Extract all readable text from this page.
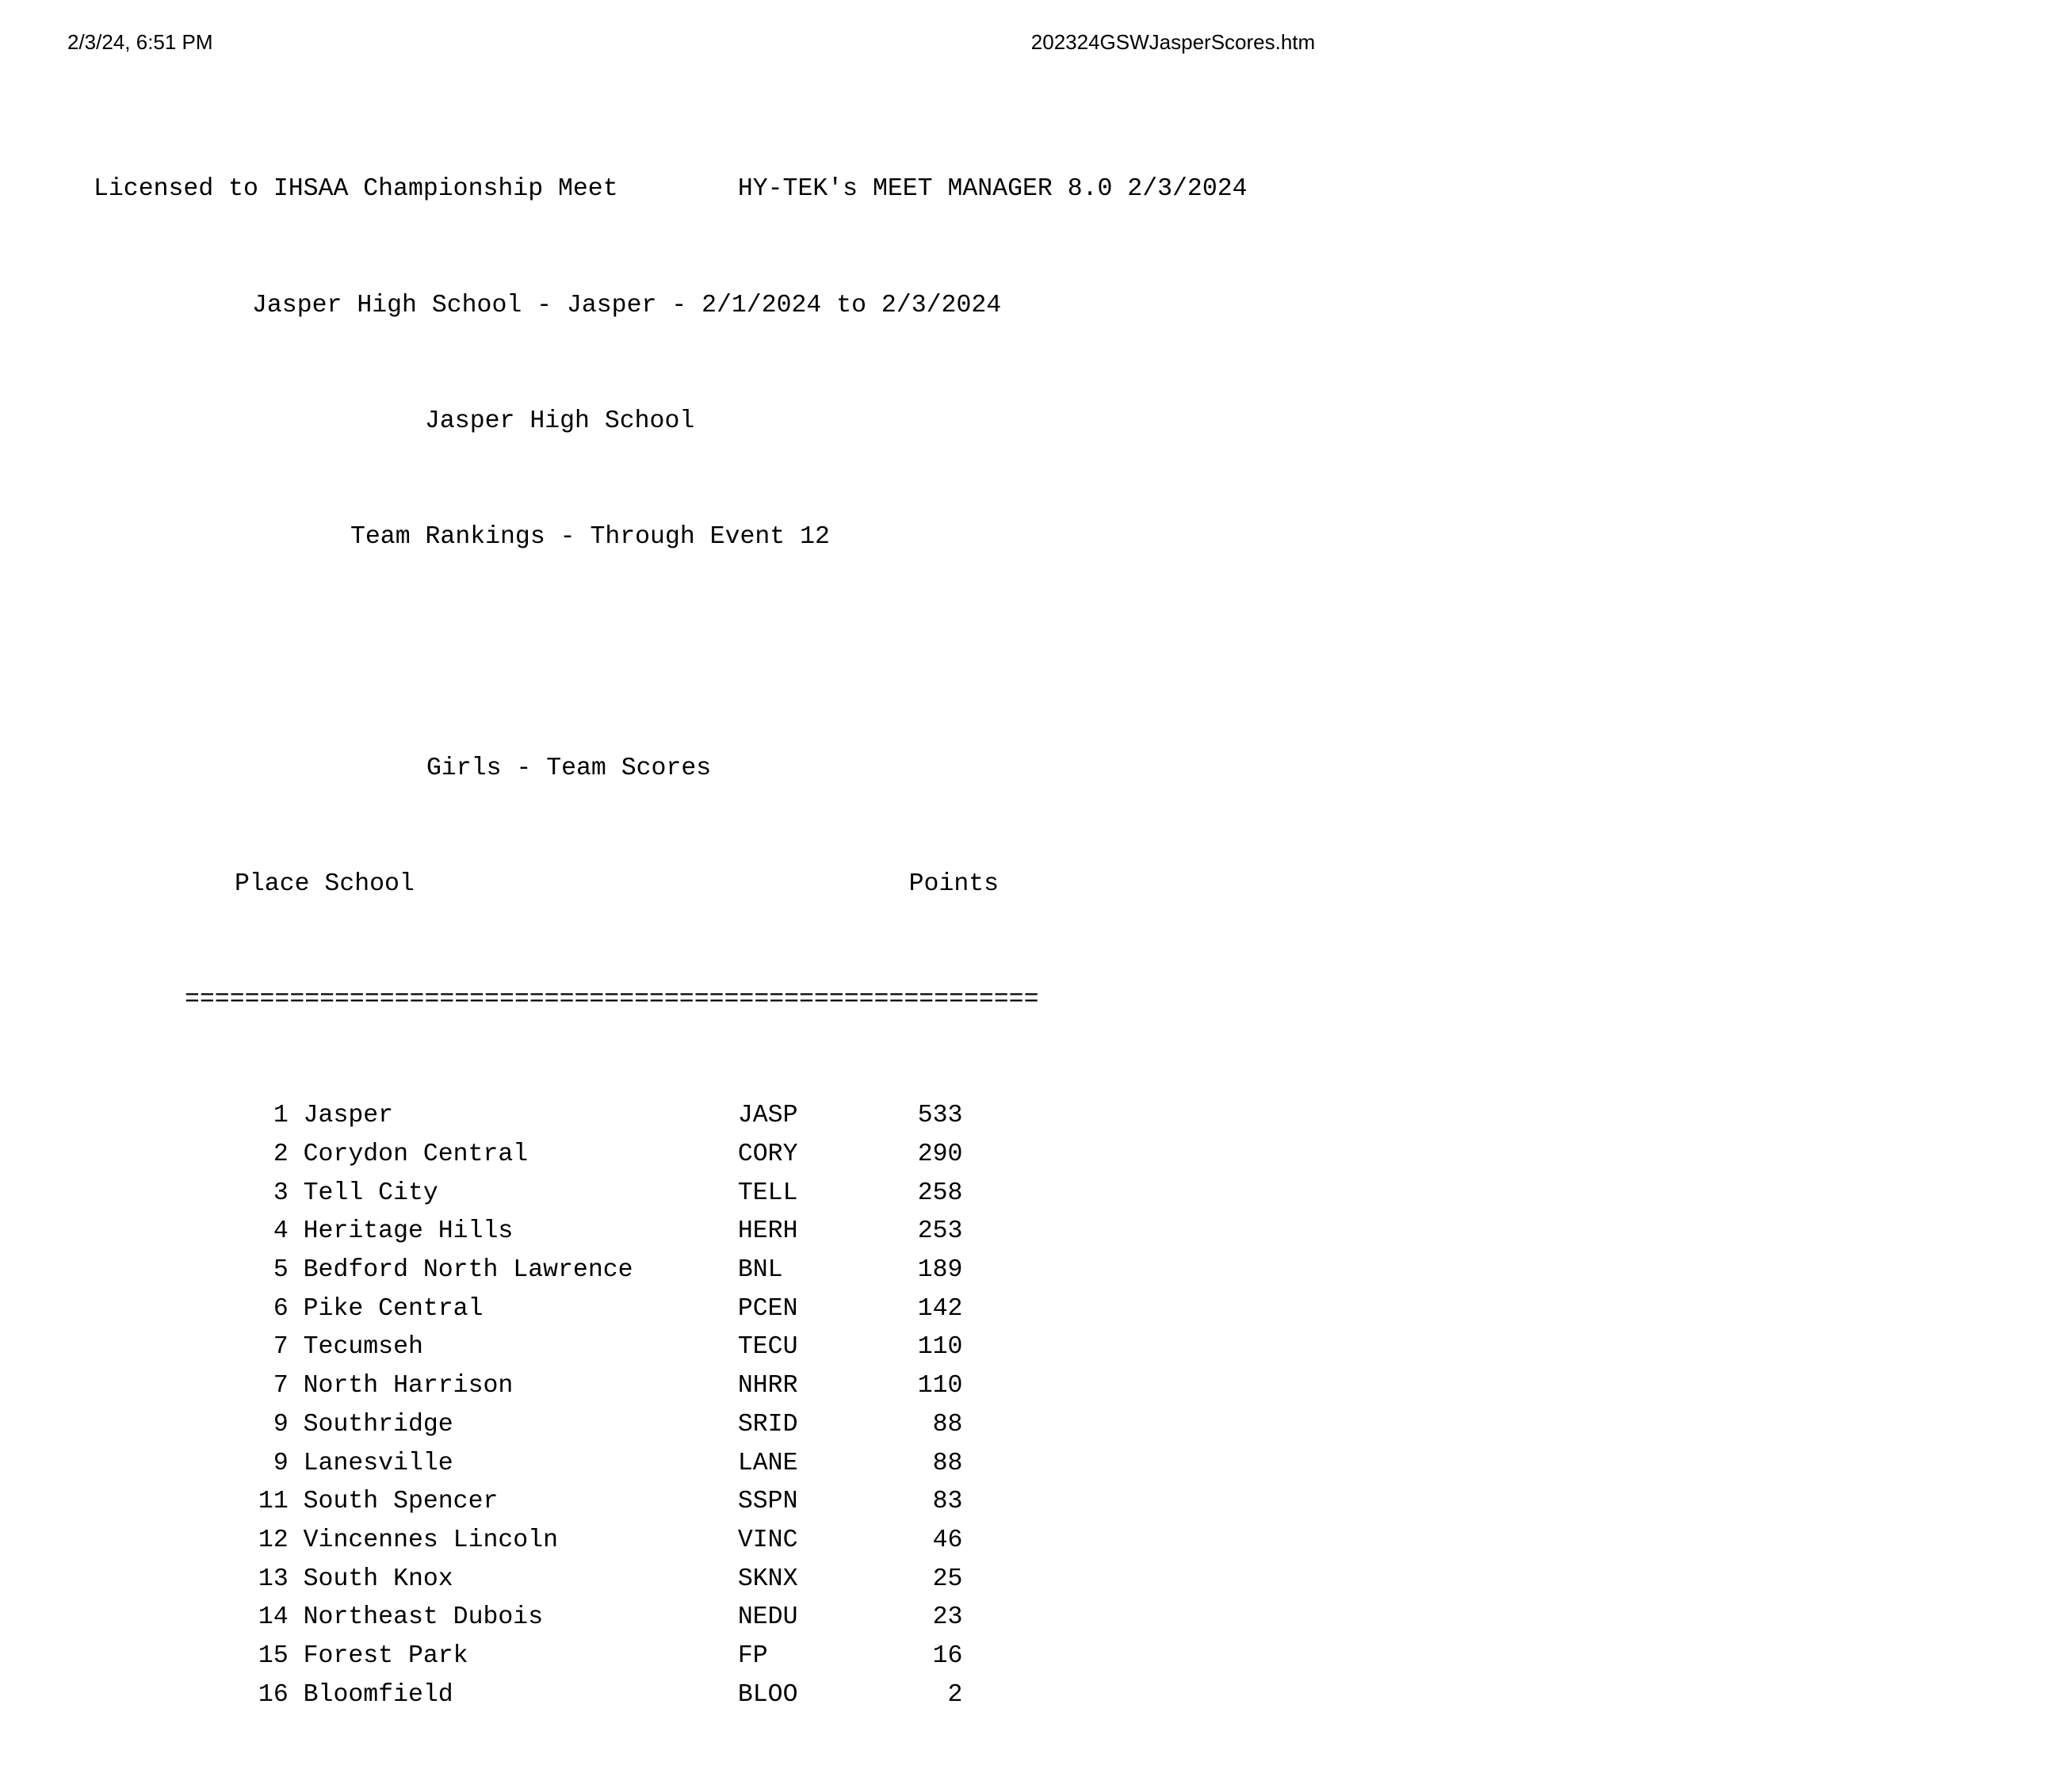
2/3/24, 6:51 PM	202324GSWJasperScores.htm

Licensed to IHSAA Championship Meet        HY-TEK's MEET MANAGER 8.0 2/3/2024

Jasper High School - Jasper - 2/1/2024 to 2/3/2024

Jasper High School

Team Rankings - Through Event 12

Girls - Team Scores

Place School                                 Points

=========================================================

1 Jasper                       JASP        533
2 Corydon Central              CORY        290
3 Tell City                    TELL        258
4 Heritage Hills               HERH        253
5 Bedford North Lawrence       BNL         189
6 Pike Central                 PCEN        142
7 Tecumseh                     TECU        110
7 North Harrison               NHRR        110
9 Southridge                   SRID         88
9 Lanesville                   LANE         88
11 South Spencer                SSPN         83
12 Vincennes Lincoln            VINC         46
13 South Knox                   SKNX         25
14 Northeast Dubois             NEDU         23
15 Forest Park                  FP           16
16 Bloomfield                   BLOO          2
